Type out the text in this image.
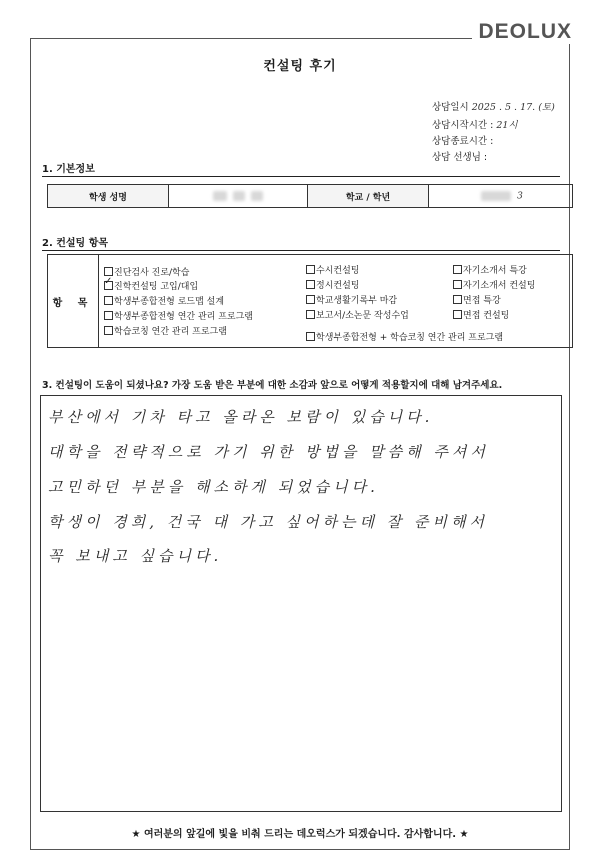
DEOLUX
컨설팅 후기
상담일시 2025 . 5 . 17. (토)
상담시작시간 : 21시
상담종료시간 :
상담 선생님 :
1. 기본정보
학생 성명		학교 / 학년	3
2. 컨설팅 항목
항 목
진단검사 진로/학습
✓진학컨설팅 고입/대입
학생부종합전형 로드맵 설계
학생부종합전형 연간 관리 프로그램
학습코칭 연간 관리 프로그램
수시컨설팅
정시컨설팅
학교생활기록부 마감
보고서/소논문 작성수업
학생부종합전형 + 학습코칭 연간 관리 프로그램
자기소개서 특강
자기소개서 컨설팅
면접 특강
면접 컨설팅
3. 컨설팅이 도움이 되셨나요? 가장 도움 받은 부분에 대한 소감과 앞으로 어떻게 적용할지에 대해 남겨주세요.
부산에서 기차 타고 올라온 보람이 있습니다.
대학을 전략적으로 가기 위한 방법을 말씀해 주셔서
고민하던 부분을 해소하게 되었습니다.
학생이 경희, 건국 대 가고 싶어하는데 잘 준비해서
꼭 보내고 싶습니다.
★ 여러분의 앞길에 빛을 비춰 드리는 데오럭스가 되겠습니다. 감사합니다. ★
